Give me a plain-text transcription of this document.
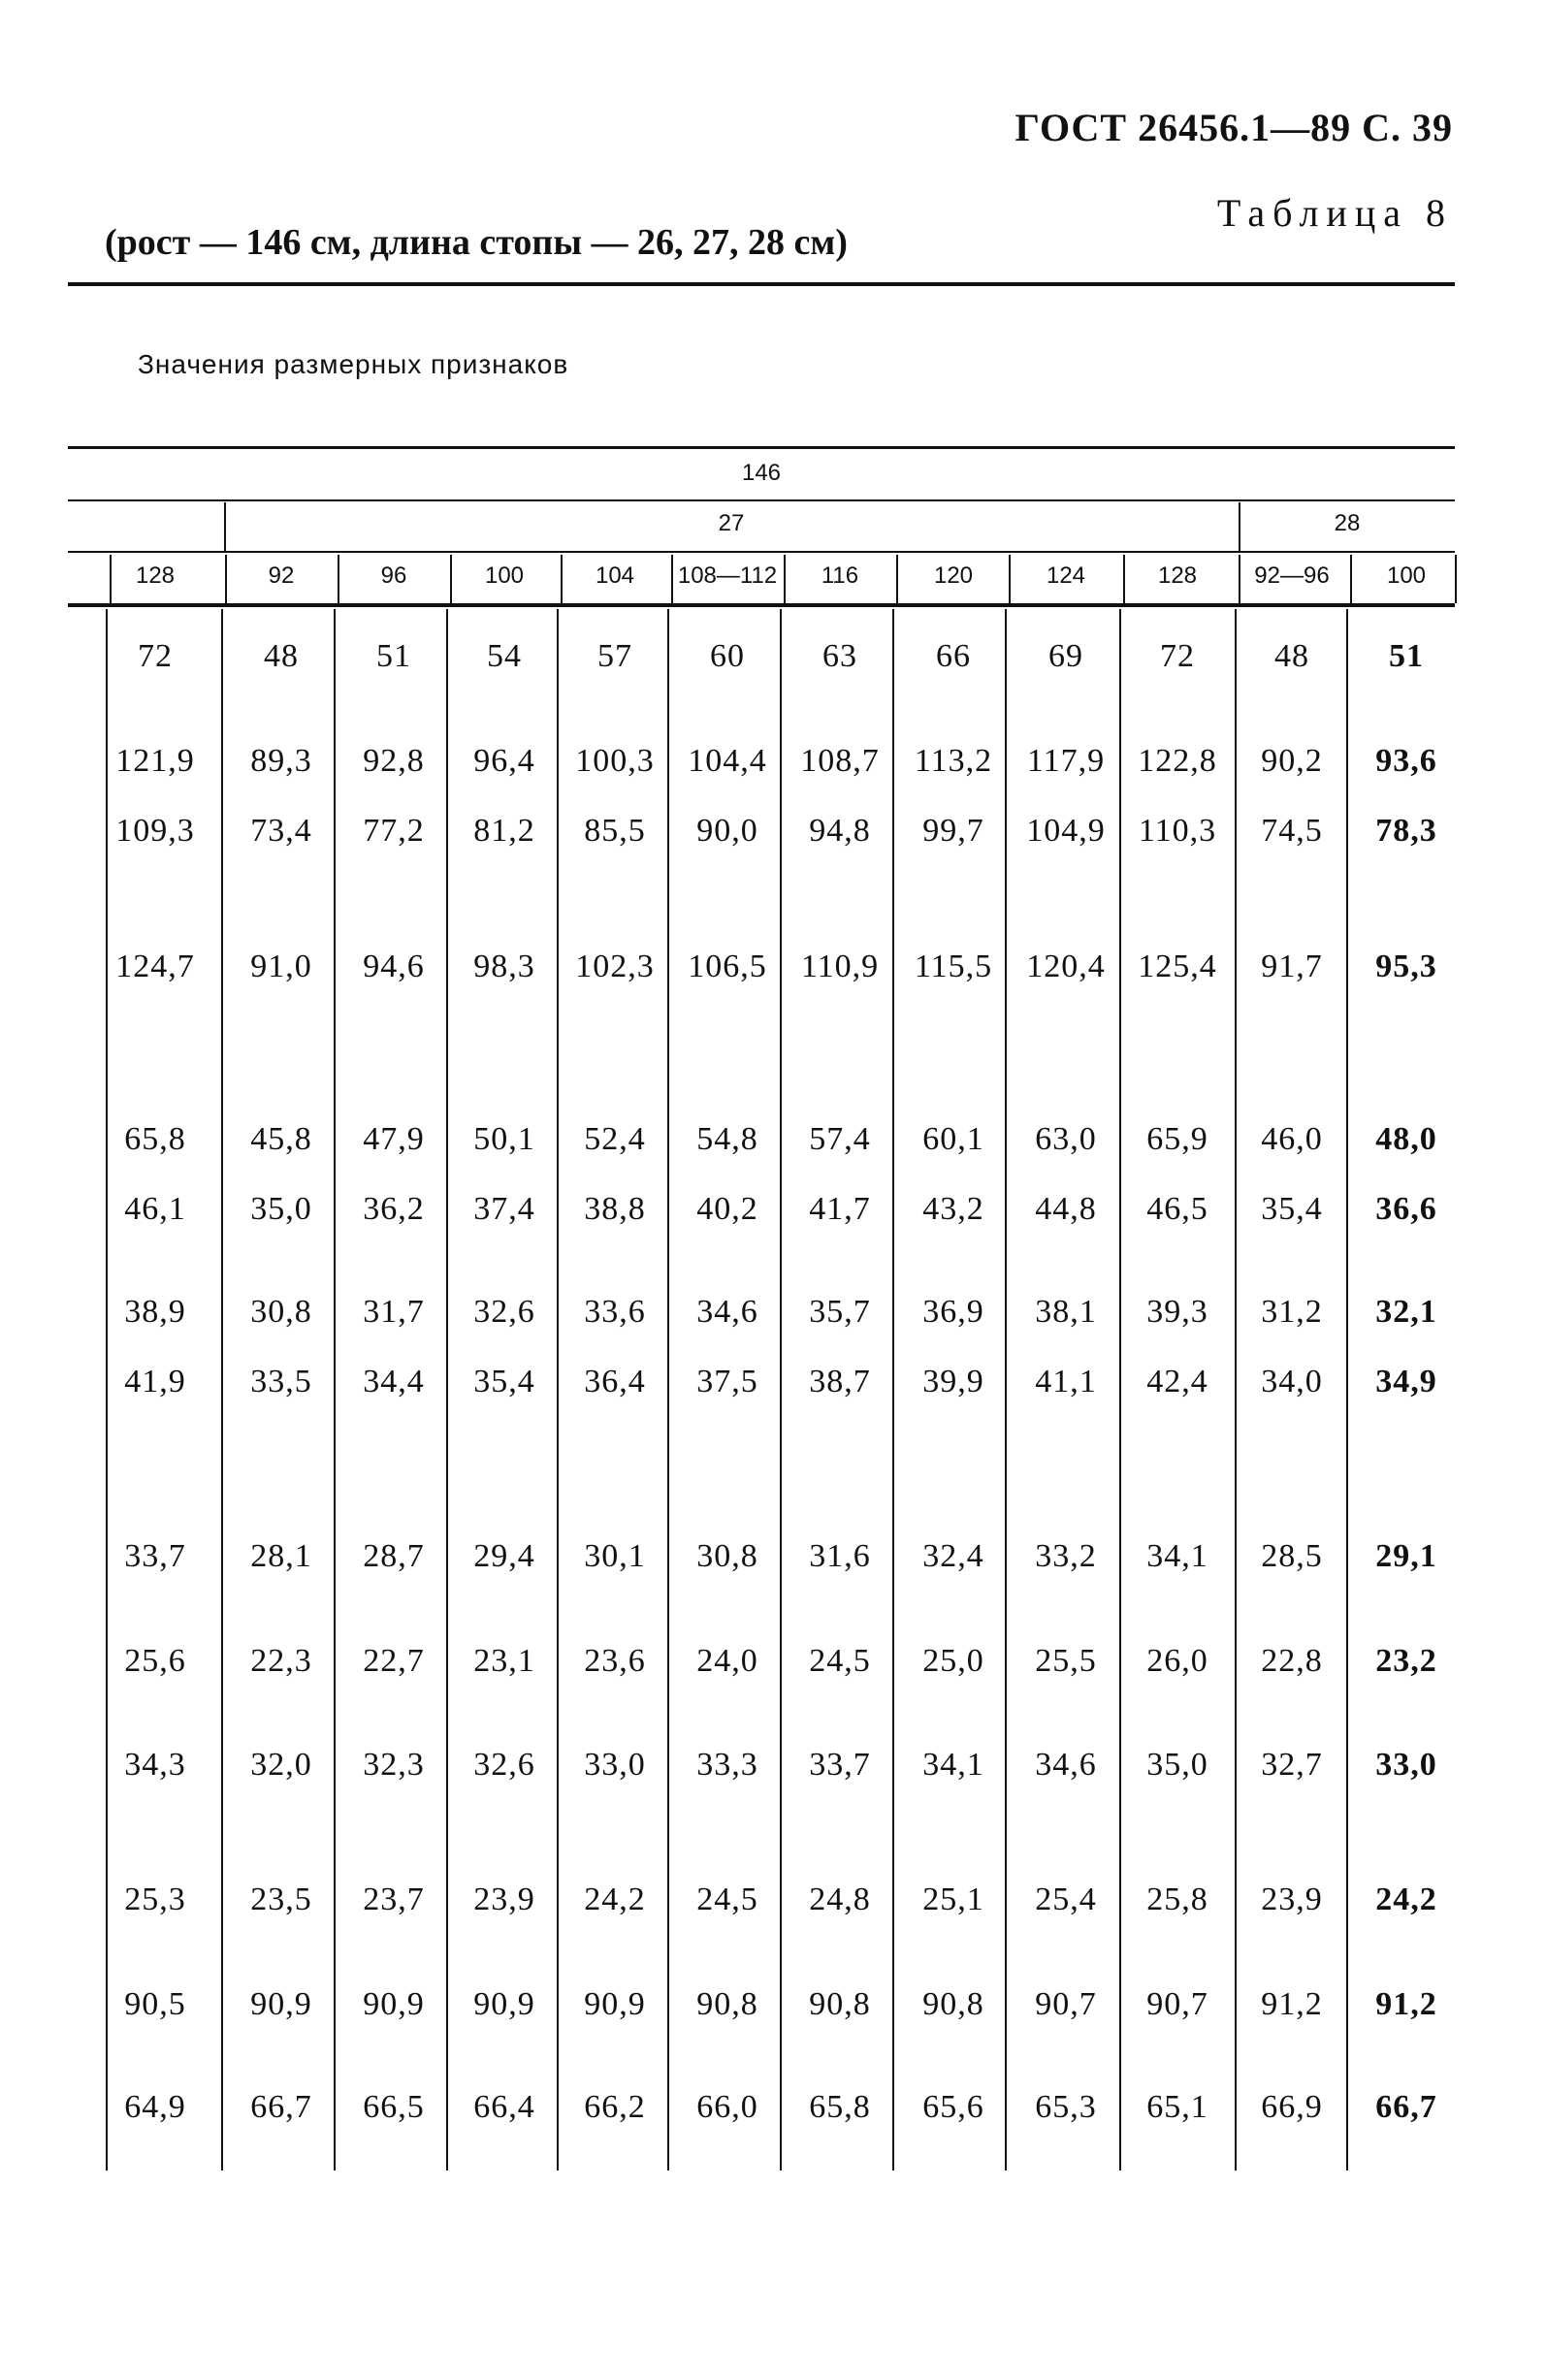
ГОСТ 26456.1—89 С. 39
Таблица 8
(рост — 146 см, длина стопы — 26, 27, 28 см)
Значения размерных признаков
146
27	28
128	92	96	100	104	108—112	116	120	124	128	92—96	100
72	48	51	54	57	60	63	66	69	72	48	51
121,9	89,3	92,8	96,4	100,3	104,4	108,7	113,2	117,9	122,8	90,2	93,6
109,3	73,4	77,2	81,2	85,5	90,0	94,8	99,7	104,9	110,3	74,5	78,3
124,7	91,0	94,6	98,3	102,3	106,5	110,9	115,5	120,4 125,4	91,7	95,3
65,8	45,8	47,9	50,1	52,4	54,8	57,4	60,1	63,0	65,9	46,0	48,0
46,1	35,0	36,2	37,4	38,8	40,2	41,7	43,2	44,8	46,5	35,4	36,6
38,9	30,8	31,7	32,6	33,6	34,6	35,7	36,9	38,1	39,3	31,2	32,1
41,9	33,5	34,4	35,4	36,4	37,5	38,7	39,9	41,1	42,4	34,0	34,9
33,7	28,1	28,7	29,4	30,1	30,8	31,6	32,4	33,2	34,1	28,5	29,1
25,6	22,3	22,7	23,1	23,6	24,0	24,5	25,0	25,5	26,0	22,8	23,2
34,3	32,0	32,3	32,6	33,0	33,3	33,7	34,1	34,6	35,0	32,7	33,0
25,3	23,5	23,7	23,9	24,2	24,5	24,8	25,1	25,4	25,8	23,9	24,2
90,5	90,9	90,9	90,9	90,9	90,8	90,8	90,8	90,7	90,7	91,2	91,2
64,9	66,7	66,5	66,4	66,2	66,0	65,8	65,6	65,3	65,1	66,9	66,7
